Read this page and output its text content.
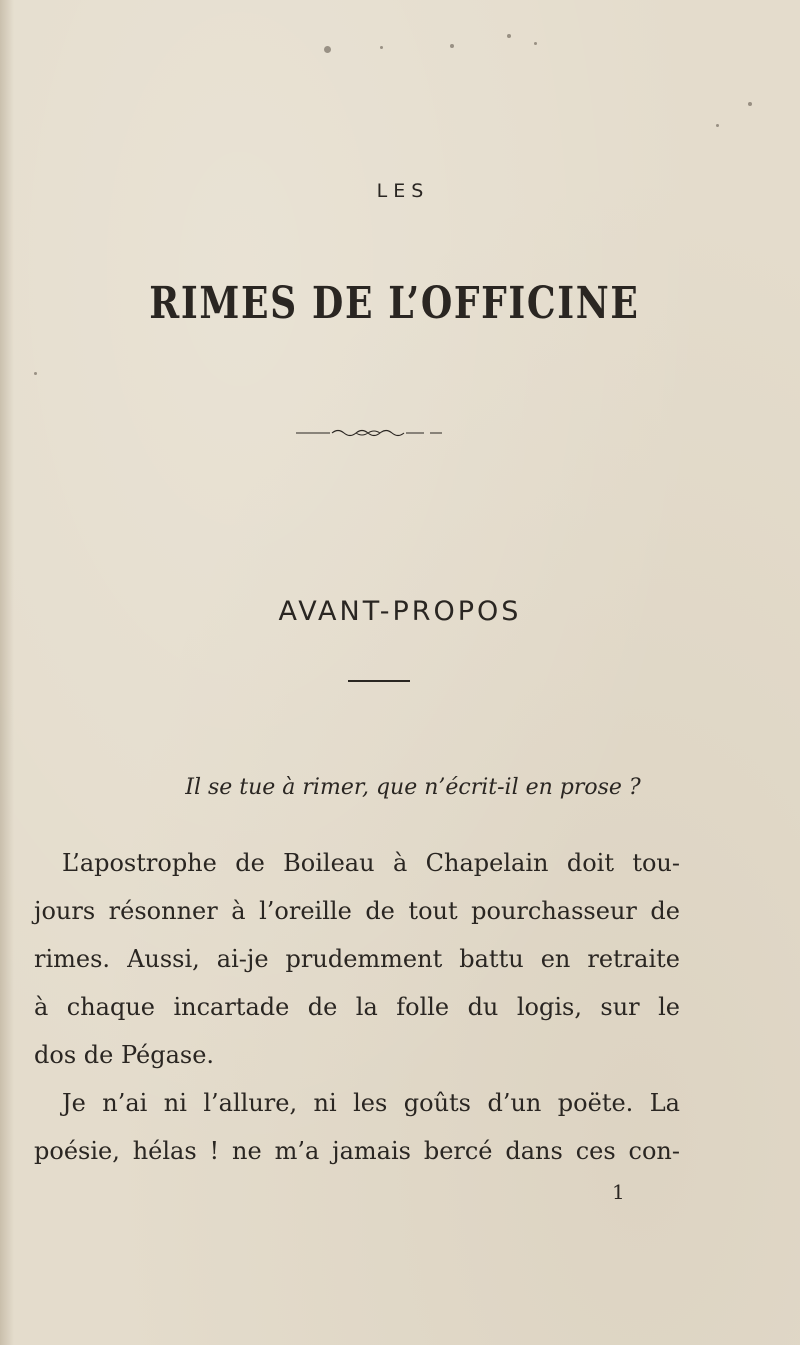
LES
RIMES DE L’OFFICINE
AVANT-PROPOS
Il se tue à rimer, que n’écrit-il en prose ?
L’apostrophe de Boileau à Chapelain doit tou-
jours résonner à l’oreille de tout pourchasseur de
rimes. Aussi, ai-je prudemment battu en retraite
à chaque incartade de la folle du logis, sur le
dos de Pégase.
Je n’ai ni l’allure, ni les goûts d’un poëte. La
poésie, hélas ! ne m’a jamais bercé dans ces con-
1
